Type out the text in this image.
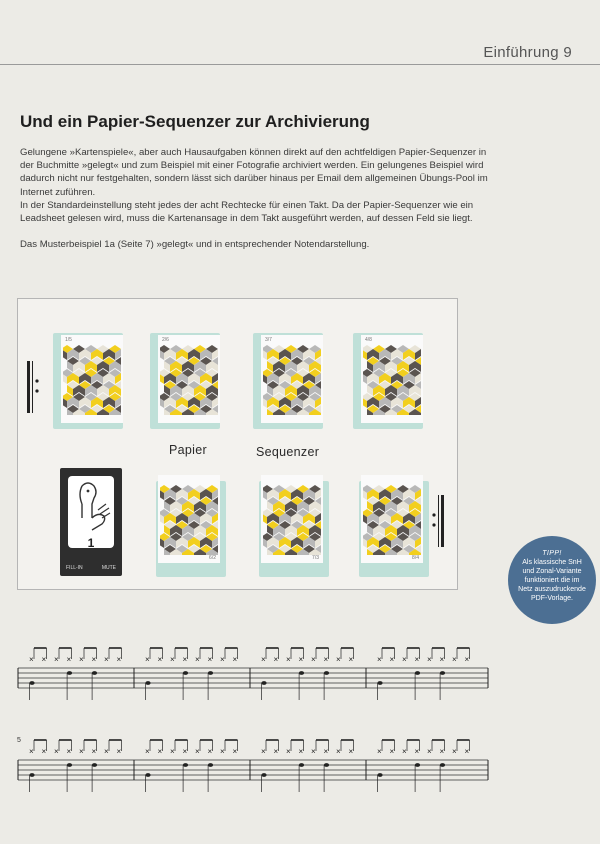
Einführung 9
Und ein Papier-Sequenzer zur Archivierung

Gelungene »Kartenspiele«, aber auch Hausaufgaben können direkt auf den achtfeldigen Papier-Sequenzer in der Buchmitte »gelegt« und zum Beispiel mit einer Fotografie archiviert werden. Ein gelungenes Beispiel wird dadurch nicht nur festgehalten, sondern lässt sich darüber hinaus per Email dem allgemeinen Übungs-Pool im Internet zuführen.

In der Standardeinstellung steht jedes der acht Rechtecke für einen Takt. Da der Papier-Sequenzer wie ein Leadsheet gelesen wird, muss die Kartenansage in dem Takt ausgeführt werden, auf dessen Feld sie liegt.

Das Musterbeispiel 1a (Seite 7) »gelegt« und in entsprechender Notendarstellung.

1/5	2/6	3/7	4/8
Papier	Sequenzer
1
FILL-IN	MUTE
6/2	7/3	8/4
TIPP!
Als klassische SnH
und Zonal-Variante
funktioniert die im
Netz auszudruckende
PDF-Vorlage.
× × × × × × × ×	× × × × × × × ×	× × × × × × × ×	× × × × × × × ×
5
× × × × × × × ×	× × × × × × × ×	× × × × × × × ×	× × × × × × × ×
